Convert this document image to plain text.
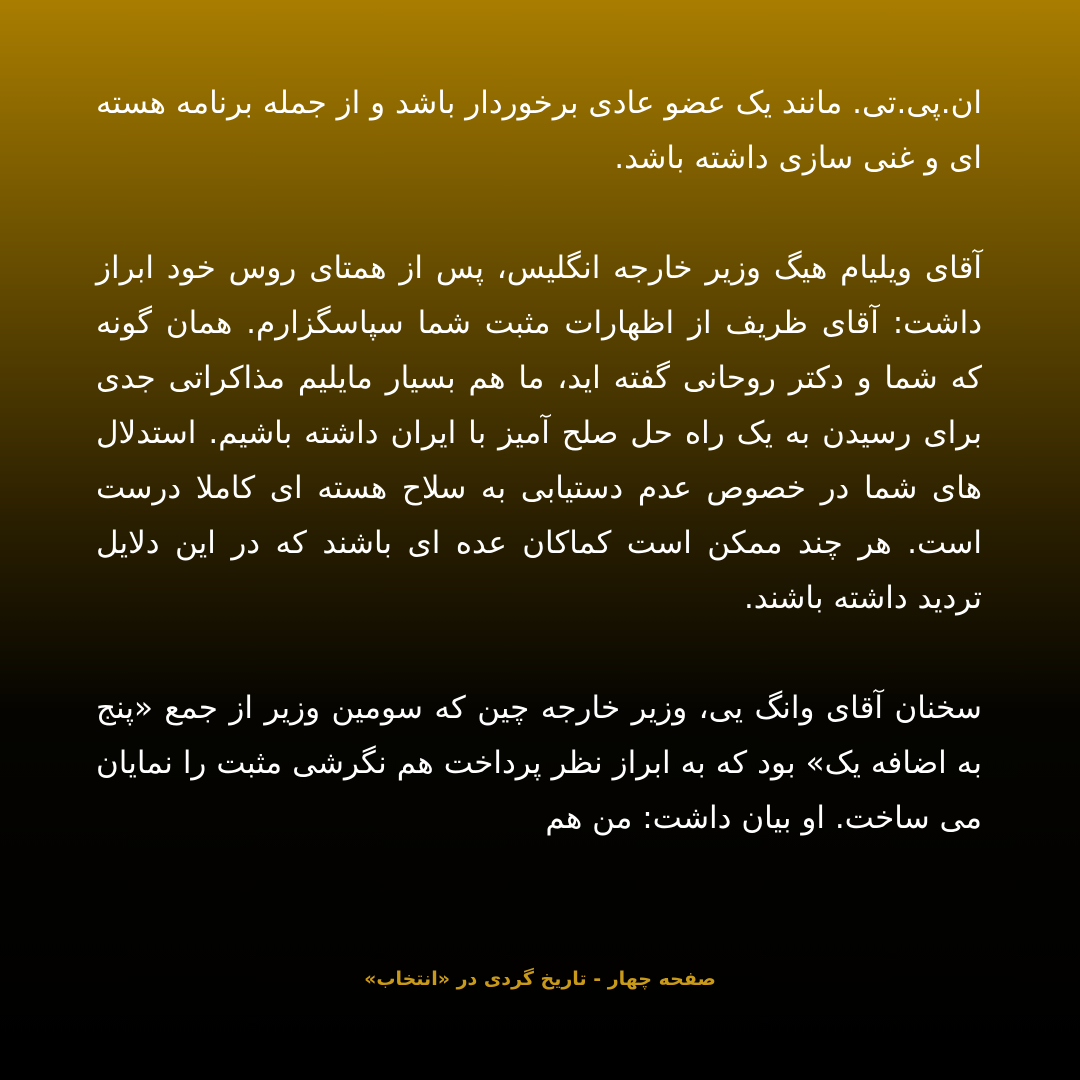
ان.پی.تی. مانند یک عضو عادی برخوردار باشد و از جمله برنامه هسته ای و غنی سازی داشته باشد.

آقای ویلیام هیگ وزیر خارجه انگلیس، پس از همتای روس خود ابراز داشت: آقای ظریف از اظهارات مثبت شما سپاسگزارم. همان گونه که شما و دکتر روحانی گفته اید، ما هم بسیار مایلیم مذاکراتی جدی برای رسیدن به یک راه حل صلح آمیز با ایران داشته باشیم. استدلال های شما در خصوص عدم دستیابی به سلاح هسته ای کاملا درست است. هر چند ممکن است کماکان عده ای باشند که در این دلایل تردید داشته باشند.

سخنان آقای وانگ یی، وزیر خارجه چین که سومین وزیر از جمع «پنج به اضافه یک» بود که به ابراز نظر پرداخت هم نگرشی مثبت را نمایان می ساخت. او بیان داشت: من هم

صفحه چهار - تاریخ گردی در «انتخاب»
